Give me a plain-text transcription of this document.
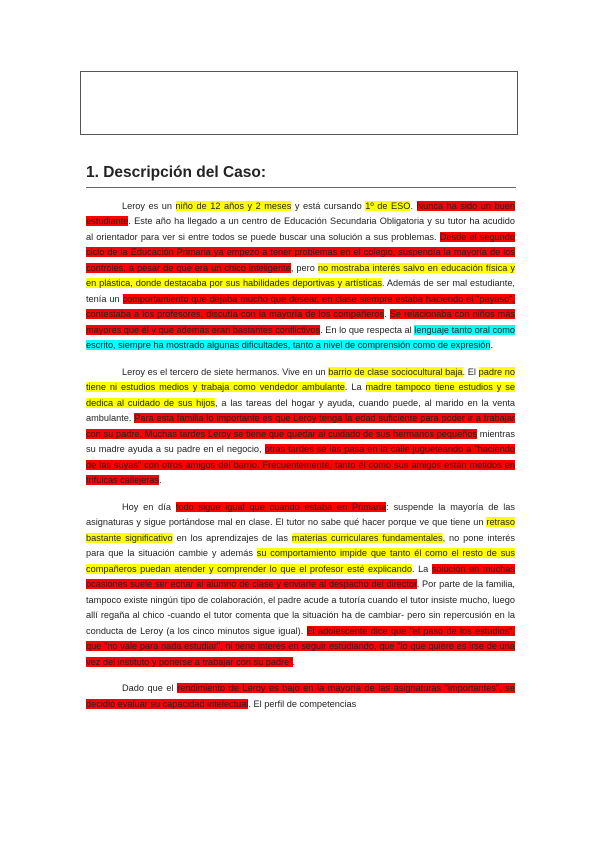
1. Descripción del Caso:

Leroy es un niño de 12 años y 2 meses y está cursando 1º de ESO. Nunca ha sido un buen estudiante. Este año ha llegado a un centro de Educación Secundaria Obligatoria y su tutor ha acudido al orientador para ver si entre todos se puede buscar una solución a sus problemas. Desde el segundo ciclo de la Educación Primaria ya empezó a tener problemas en el colegio, suspendía la mayoría de los controles, a pesar de que era un chico inteligente, pero no mostraba interés salvo en educación física y en plástica, donde destacaba por sus habilidades deportivas y artísticas. Además de ser mal estudiante, tenía un comportamiento que dejaba mucho que desear, en clase siempre estaba haciendo el "payaso", contestaba a los profesores, discutía con la mayoría de los compañeros. Se relacionaba con niños más mayores que él y que además eran bastantes conflictivos. En lo que respecta al lenguaje tanto oral como escrito, siempre ha mostrado algunas dificultades, tanto a nivel de comprensión como de expresión.

Leroy es el tercero de siete hermanos. Vive en un barrio de clase sociocultural baja. El padre no tiene ni estudios medios y trabaja como vendedor ambulante. La madre tampoco tiene estudios y se dedica al cuidado de sus hijos, a las tareas del hogar y ayuda, cuando puede, al marido en la venta ambulante. Para esta familia lo importante es que Leroy tenga la edad suficiente para poder ir a trabajar con su padre. Muchas tardes Leroy se tiene que quedar al cuidado de sus hermanos pequeños mientras su madre ayuda a su padre en el negocio, otras tardes se las pasa en la calle jugueteando a "haciendo de las suyas" con otros amigos del barrio. Frecuentemente, tanto él como sus amigos están metidos en trifulcas callejeras.

Hoy en día todo sigue igual que cuando estaba en Primaria: suspende la mayoría de las asignaturas y sigue portándose mal en clase. El tutor no sabe qué hacer porque ve que tiene un retraso bastante significativo en los aprendizajes de las materias curriculares fundamentales, no pone interés para que la situación cambie y además su comportamiento impide que tanto él como el resto de sus compañeros puedan atender y comprender lo que el profesor esté explicando. La solución en muchas ocasiones suele ser echar al alumno de clase y enviarle al despacho del director. Por parte de la familia, tampoco existe ningún tipo de colaboración, el padre acude a tutoría cuando el tutor insiste mucho, luego allí regaña al chico -cuando el tutor comenta que la situación ha de cambiar- pero sin repercusión en la conducta de Leroy (a los cinco minutos sigue igual). El adolescente dice que "el paso de los estudios", que "no vale para nada estudiar", ni tiene interés en seguir estudiando, que "lo que quiere es irse de una vez del instituto y ponerse a trabajar con su padre".

Dado que el rendimiento de Leroy es bajo en la mayoría de las asignaturas "importantes", se decidió evaluar su capacidad intelectual. El perfil de competencias
